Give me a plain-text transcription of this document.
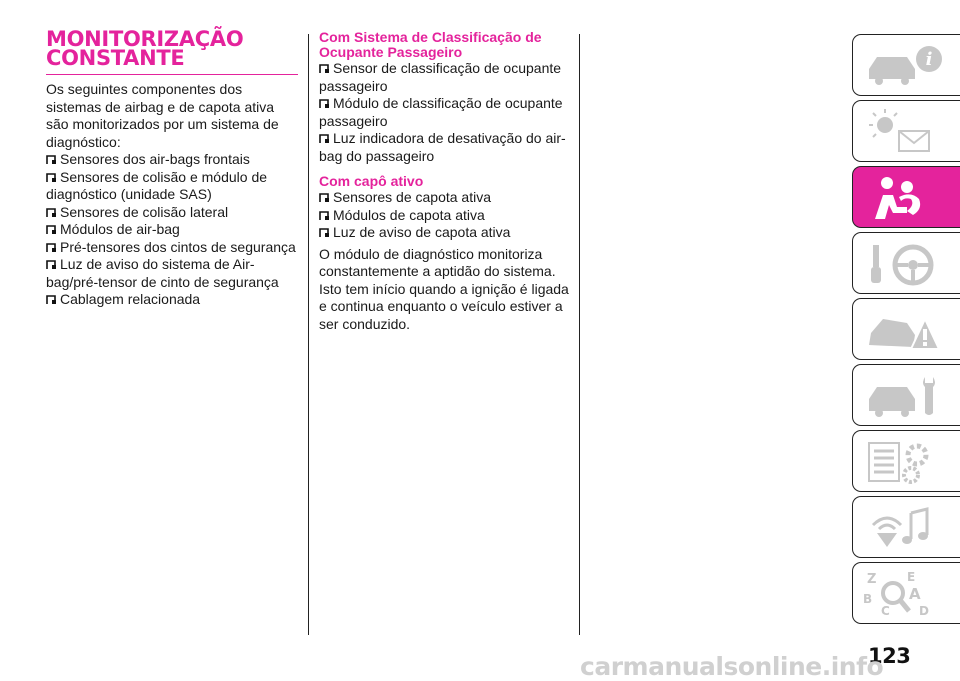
MONITORIZAÇÃO
CONSTANTE

Os seguintes componentes dos sistemas de airbag e de capota ativa são monitorizados por um sistema de diagnóstico:

Sensores dos air-bags frontais
Sensores de colisão e módulo de diagnóstico (unidade SAS)
Sensores de colisão lateral
Módulos de air-bag
Pré-tensores dos cintos de segurança
Luz de aviso do sistema de Air-bag/pré-tensor de cinto de segurança
Cablagem relacionada
Com Sistema de Classificação de Ocupante Passageiro
Sensor de classificação de ocupante passageiro
Módulo de classificação de ocupante passageiro
Luz indicadora de desativação do air-bag do passageiro
Com capô ativo
Sensores de capota ativa
Módulos de capota ativa
Luz de aviso de capota ativa

O módulo de diagnóstico monitoriza constantemente a aptidão do sistema. Isto tem início quando a ignição é ligada e continua enquanto o veículo estiver a ser conduzido.

i
Z	E
A
B
D
C
123
carmanualsonline.info
